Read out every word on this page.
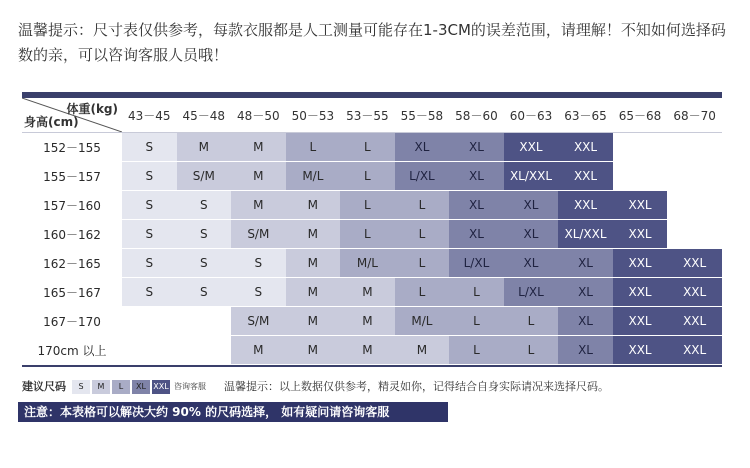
温馨提示：尺寸表仅供参考，每款衣服都是人工测量可能存在1-3CM的误差范围，请理解！不知如何选择码数的亲，可以咨询客服人员哦！
体重(kg)
身高(cm)	43－45	45－48	48－50	50－53	53－55	55－58	58－60	60－63	63－65	65－68	68－70
152－155	S	M	M	L	L	XL	XL	XXL	XXL		
155－157	S	S/M	M	M/L	L	L/XL	XL	XL/XXL	XXL		
157－160	S	S	M	M	L	L	XL	XL	XXL	XXL	
160－162	S	S	S/M	M	L	L	XL	XL	XL/XXL	XXL	
162－165	S	S	S	M	M/L	L	L/XL	XL	XL	XXL	XXL
165－167	S	S	S	M	M	L	L	L/XL	XL	XXL	XXL
167－170			S/M	M	M	M/L	L	L	XL	XXL	XXL
170cm 以上			M	M	M	M	L	L	XL	XXL	XXL
建议尺码	S M L XL XXL 咨询客服 温馨提示：以上数据仅供参考，精灵如你，记得结合自身实际请况来选择尺码。
注意：本表格可以解决大约 90% 的尺码选择， 如有疑问请咨询客服
